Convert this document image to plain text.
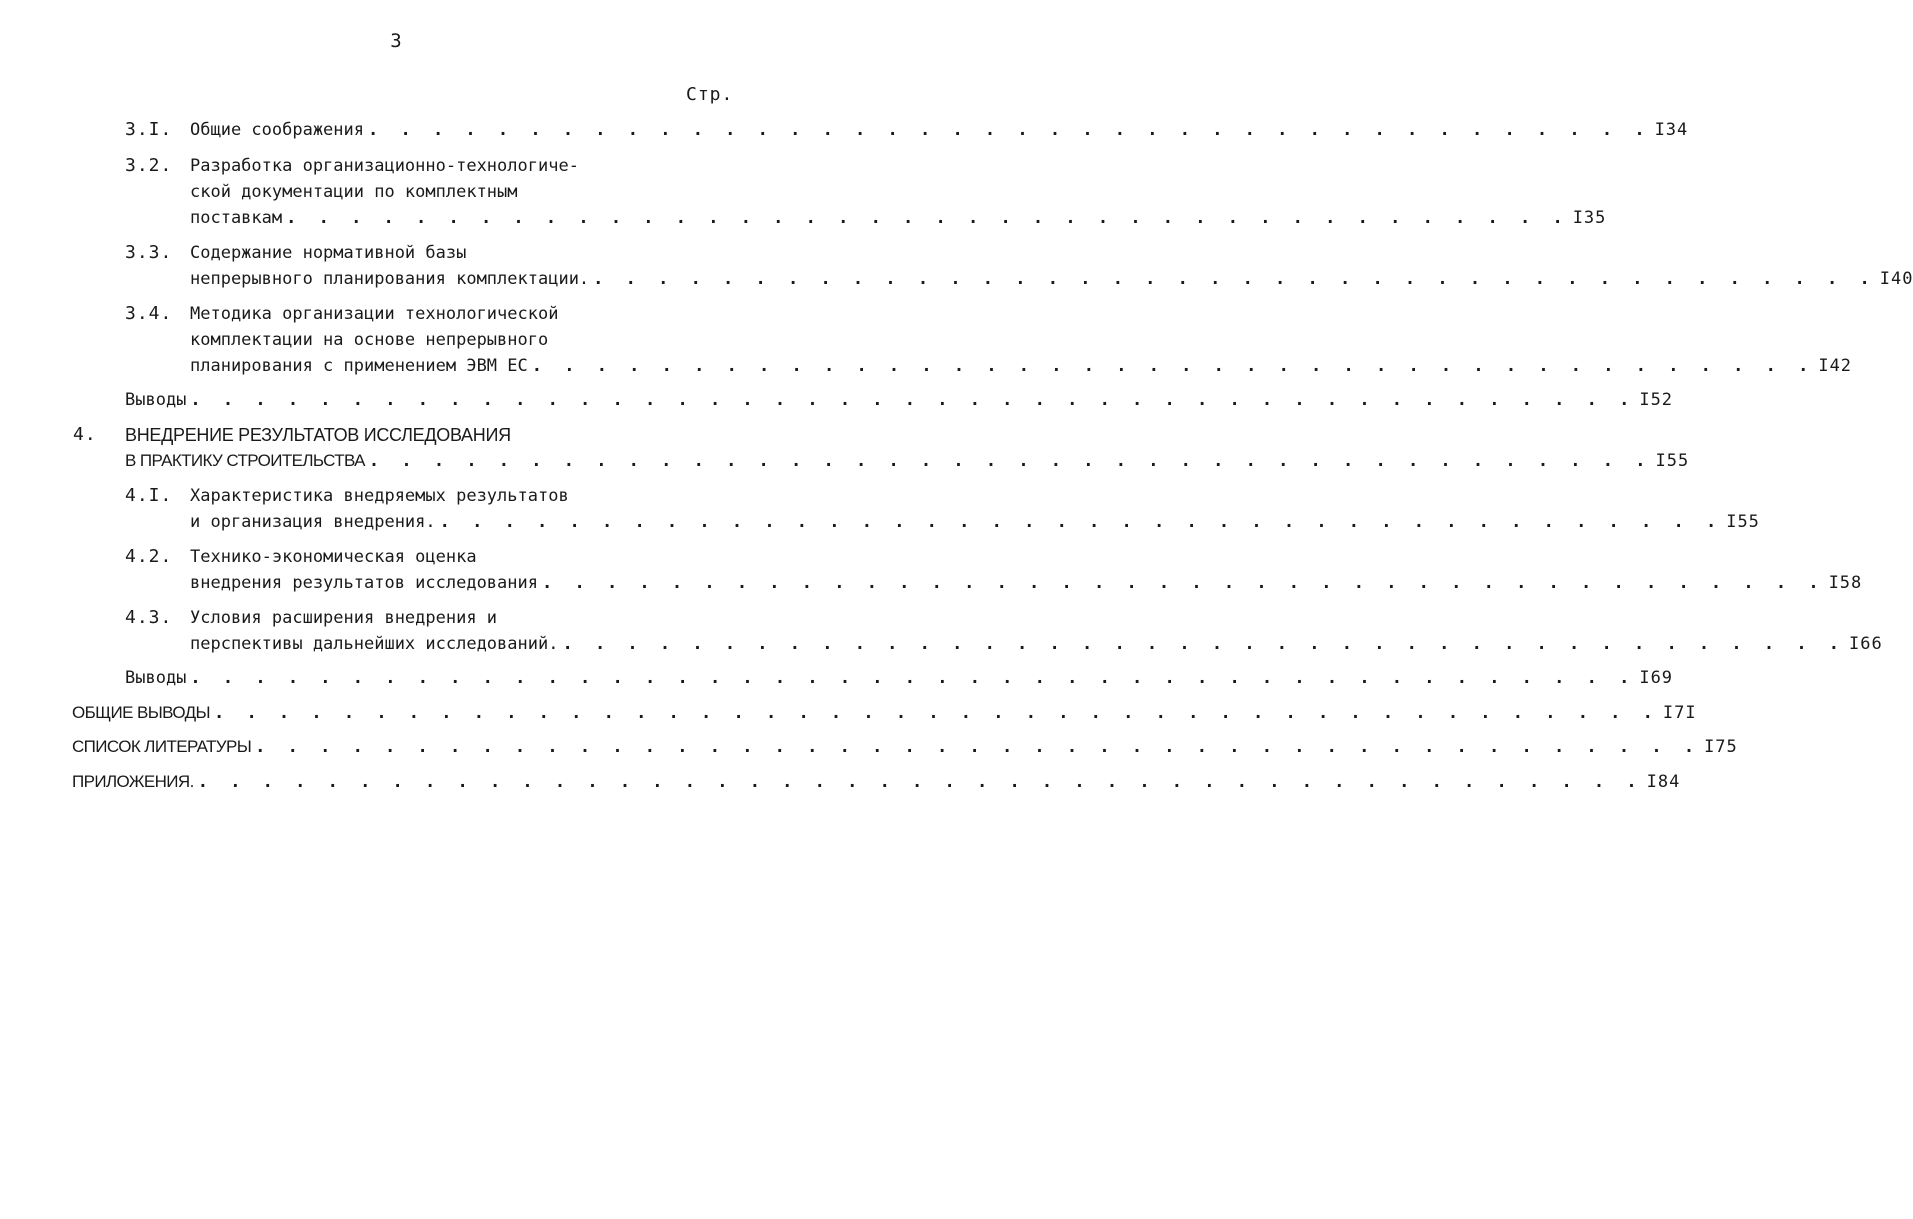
3
Стр.
3.I. Общие соображения . . . . . . . . . . . . . . . . . . . . . . . . . . . . . . . . . . . . . . . . I34
3.2. Разработка организационно-технологиче-
ской документации по комплектным
поставкам . . . . . . . . . . . . . . . . . . . . . . . . . . . . . . . . . . . . . . . . I35
3.3. Содержание нормативной базы
непрерывного планирования комплектации. . . . . . . . . . . . . . . . . . . . . . . . . . . . . . . . . . . . . . . . . I40
3.4. Методика организации технологической
комплектации на основе непрерывного
планирования с применением ЭВМ ЕС . . . . . . . . . . . . . . . . . . . . . . . . . . . . . . . . . . . . . . . . I42
Выводы . . . . . . . . . . . . . . . . . . . . . . . . . . . . . . . . . . . . . . . . . . . . . I52
4. ВНЕДРЕНИЕ РЕЗУЛЬТАТОВ ИССЛЕДОВАНИЯ
В ПРАКТИКУ СТРОИТЕЛЬСТВА . . . . . . . . . . . . . . . . . . . . . . . . . . . . . . . . . . . . . . . . I55
4.I. Характеристика внедряемых результатов
и организация внедрения. . . . . . . . . . . . . . . . . . . . . . . . . . . . . . . . . . . . . . . . . I55
4.2. Технико-экономическая оценка
внедрения результатов исследования . . . . . . . . . . . . . . . . . . . . . . . . . . . . . . . . . . . . . . . . I58
4.3. Условия расширения внедрения и
перспективы дальнейших исследований. . . . . . . . . . . . . . . . . . . . . . . . . . . . . . . . . . . . . . . . . I66
Выводы . . . . . . . . . . . . . . . . . . . . . . . . . . . . . . . . . . . . . . . . . . . . . I69
ОБЩИЕ ВЫВОДЫ . . . . . . . . . . . . . . . . . . . . . . . . . . . . . . . . . . . . . . . . . . . . . I7I
СПИСОК ЛИТЕРАТУРЫ . . . . . . . . . . . . . . . . . . . . . . . . . . . . . . . . . . . . . . . . . . . . . I75
ПРИЛОЖЕНИЯ. . . . . . . . . . . . . . . . . . . . . . . . . . . . . . . . . . . . . . . . . . . . . . I84
